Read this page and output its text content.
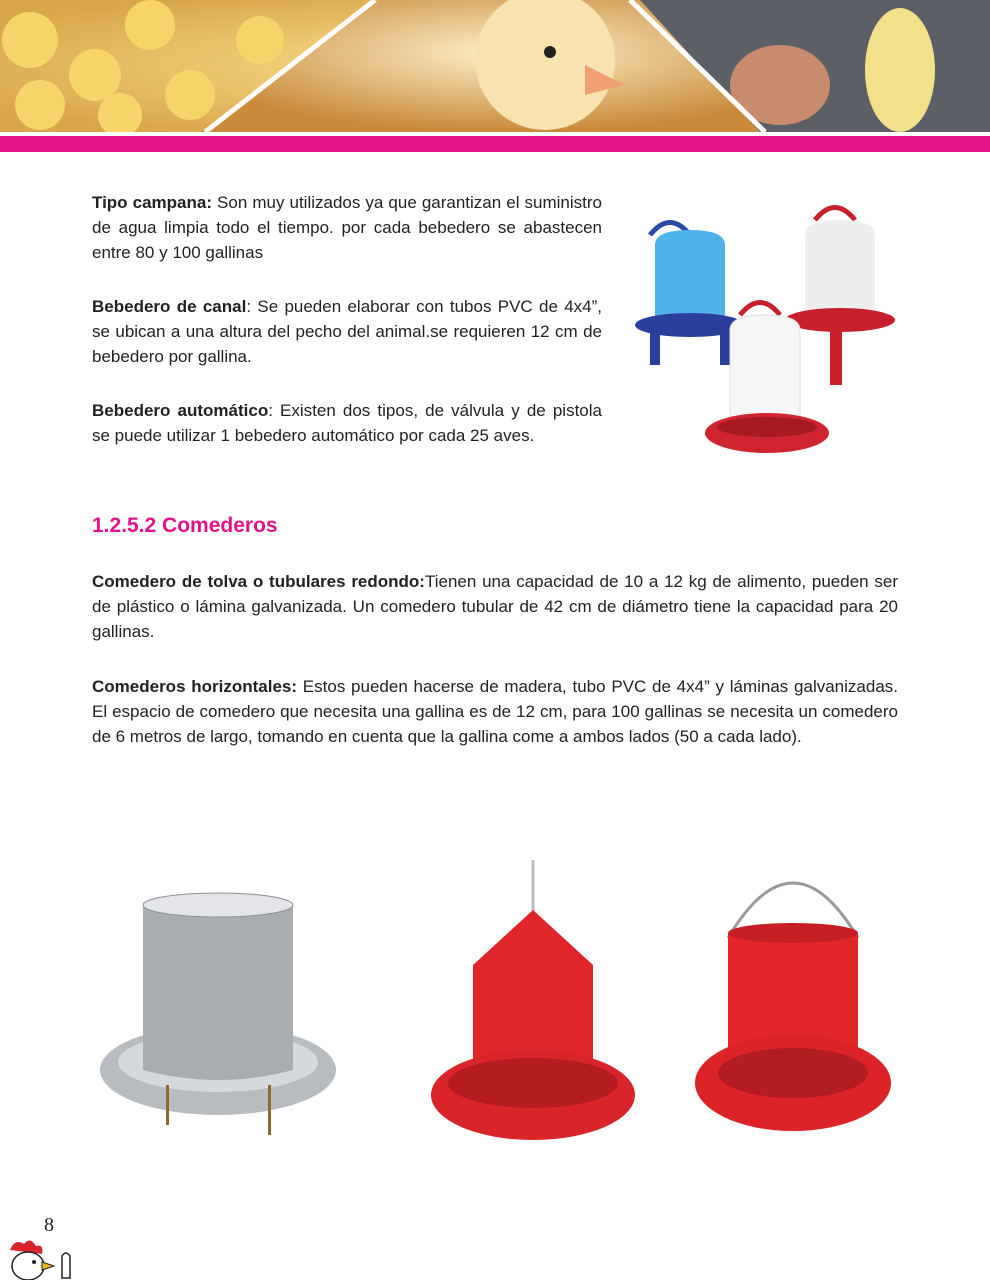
Tipo campana: Son muy utilizados ya que garantizan el suministro de agua limpia todo el tiempo. por cada bebedero se abastecen entre 80 y 100 gallinas

Bebedero de canal: Se pueden elaborar con tubos PVC de 4x4”, se ubican a una altura del pecho del animal.se requieren 12 cm de bebedero por gallina.

Bebedero automático: Existen dos tipos, de válvula y de pistola se puede utilizar 1 bebedero automático por cada 25 aves.

1.2.5.2 Comederos

Comedero de tolva o tubulares redondo:Tienen una capacidad de 10 a 12 kg de alimento, pueden ser de plástico o lámina galvanizada. Un comedero tubular de 42 cm de diámetro tiene la capacidad para 20 gallinas.

Comederos horizontales: Estos pueden hacerse de madera, tubo PVC de 4x4” y láminas galvanizadas. El espacio de comedero que necesita una gallina es de 12 cm, para 100 gallinas se necesita un comedero de 6 metros de largo, tomando en cuenta que la gallina come a ambos lados (50 a cada lado).

8
